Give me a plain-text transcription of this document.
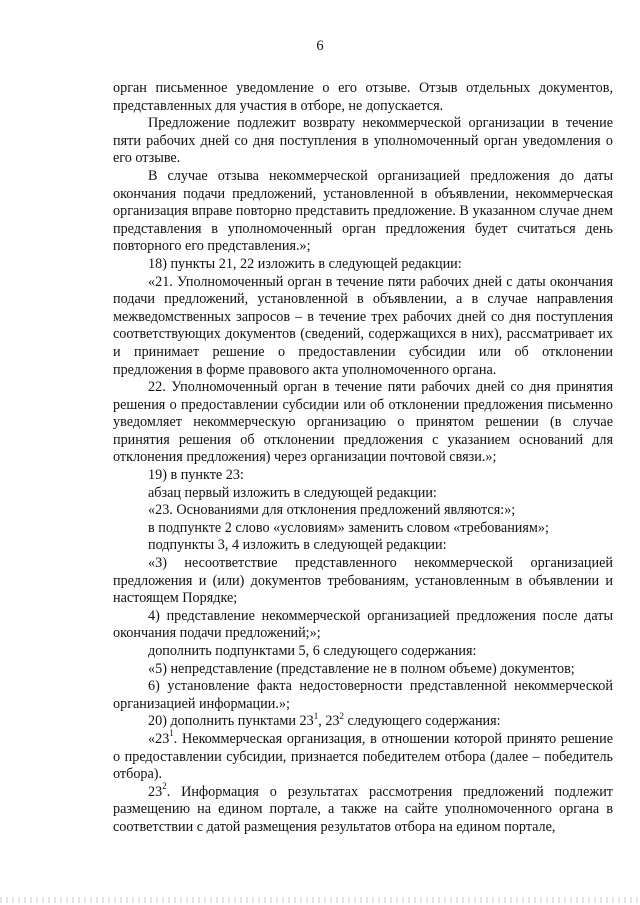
6

орган письменное уведомление о его отзыве. Отзыв отдельных документов, представленных для участия в отборе, не допускается.

Предложение подлежит возврату некоммерческой организации в течение пяти рабочих дней со дня поступления в уполномоченный орган уведомления о его отзыве.

В случае отзыва некоммерческой организацией предложения до даты окончания подачи предложений, установленной в объявлении, некоммерческая организация вправе повторно представить предложение. В указанном случае днем представления в уполномоченный орган предложения будет считаться день повторного его представления.»;

18) пункты 21, 22 изложить в следующей редакции:

«21. Уполномоченный орган в течение пяти рабочих дней с даты окончания подачи предложений, установленной в объявлении, а в случае направления межведомственных запросов – в течение трех рабочих дней со дня поступления соответствующих документов (сведений, содержащихся в них), рассматривает их и принимает решение о предоставлении субсидии или об отклонении предложения в форме правового акта уполномоченного органа.

22. Уполномоченный орган в течение пяти рабочих дней со дня принятия решения о предоставлении субсидии или об отклонении предложения письменно уведомляет некоммерческую организацию о принятом решении (в случае принятия решения об отклонении предложения с указанием оснований для отклонения предложения) через организации почтовой связи.»;

19) в пункте 23:

абзац первый изложить в следующей редакции:

«23. Основаниями для отклонения предложений являются:»;

в подпункте 2 слово «условиям» заменить словом «требованиям»;

подпункты 3, 4 изложить в следующей редакции:

«3) несоответствие представленного некоммерческой организацией предложения и (или) документов требованиям, установленным в объявлении и настоящем Порядке;

4) представление некоммерческой организацией предложения после даты окончания подачи предложений;»;

дополнить подпунктами 5, 6 следующего содержания:

«5) непредставление (представление не в полном объеме) документов;

6) установление факта недостоверности представленной некоммерческой организацией информации.»;

20) дополнить пунктами $23^1$, $23^2$ следующего содержания:

«$23^1$. Некоммерческая организация, в отношении которой принято решение о предоставлении субсидии, признается победителем отбора (далее – победитель отбора).

$23^2$. Информация о результатах рассмотрения предложений подлежит размещению на едином портале, а также на сайте уполномоченного органа в соответствии с датой размещения результатов отбора на едином портале,
